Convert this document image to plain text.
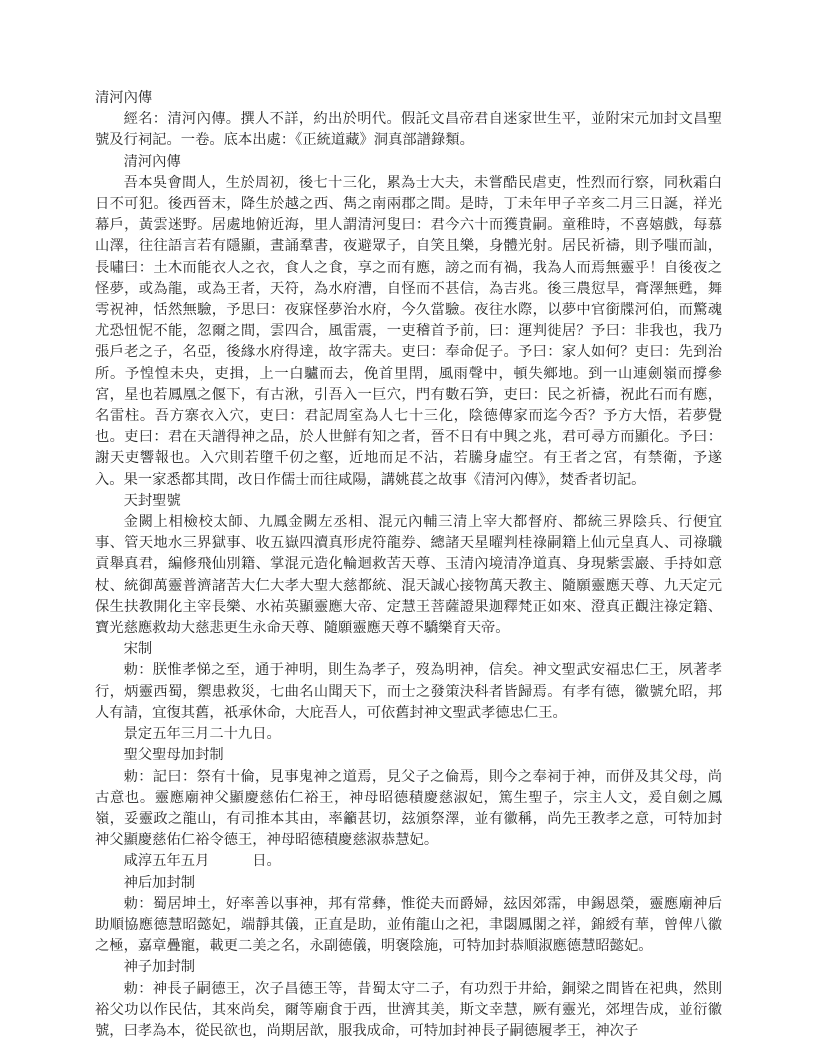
清河內傳

經名：清河內傳。撰人不詳，約出於明代。假託文昌帝君自迷家世生平，並附宋元加封文昌聖號及行祠記。一卷。底本出處：《正統道藏》洞真部譜錄類。

清河內傳

吾本吳會間人，生於周初，後七十三化，累為士大夫，未嘗酷民虐吏，性烈而行察，同秋霜白日不可犯。後西晉末，降生於越之西、雋之南兩郡之間。是時，丁未年甲子辛亥二月三日誕，祥光幕戶，黃雲迷野。居處地俯近海，里人謂清河叟曰：君今六十而獲貴嗣。童稚時，不喜嬉戲，每慕山澤，往往語言若有隱顯，晝誦羣書，夜避眾子，自笑且樂，身體光射。居民祈禱，則予嗤而訕，長嘯曰：土木而能衣人之衣，食人之食，享之而有應，謗之而有禍，我為人而焉無靈乎！自後夜之怪夢，或為龍，或為王者，天符，為水府漕，自怪而不甚信，為吉兆。後三農愆旱，膏澤無甦，舞雩祝神，恬然無驗，予思曰：夜寐怪夢治水府，今久當驗。夜往水際，以夢中官銜牒河伯，而驚魂尤恐忸怩不能，忽爾之間，雲四合，風雷震，一吏稽首予前，曰：運判徙居？予曰：非我也，我乃張戶老之子，名亞，後緣水府得達，故字霈夫。吏曰：奉命促子。予曰：家人如何？吏曰：先到治所。予惶惶未央，吏揖，上一白驢而去，俛首里閈，風雨聲中，頓失鄉地。到一山連劍嶺而撐參宮，星也若鳳凰之偃下，有古湫，引吾入一巨穴，門有數石笋，吏曰：民之祈禱，祝此石而有應，名雷柱。吾方寨衣入穴，吏曰：君記周室為人七十三化，陰德傳家而迄今否？予方大悟，若夢覺也。吏曰：君在天譜得神之品，於人世鮮有知之者，晉不日有中興之兆，君可尋方而顯化。予曰：謝天吏響報也。入穴則若墮千仞之壑，近地而足不沾，若騰身虛空。有王者之宮，有禁衛，予遂入。果一家悉都其間，改日作儒士而往咸陽，講姚萇之故事《清河內傳》，焚香者切記。

天封聖號

金闕上相檢校太師、九鳳金闕左丞相、混元內輔三清上宰大都督府、都統三界陰兵、行便宜事、管天地水三界獄事、收五嶽四瀆真形虎符龍券、總諸天星曜判桂祿嗣籍上仙元皇真人、司祿職貢舉真君，編修飛仙別籍、掌混元造化輪迴救苦天尊、玉清內境清净道真、身現紫雲巖、手持如意杖、統御萬靈普濟諸苦大仁大孝大聖大慈都統、混天誠心接物萬天教主、隨願靈應天尊、九天定元保生扶教開化主宰長樂、水祐英顯靈應大帝、定慧王菩薩證果迦釋梵正如來、澄真正觀注祿定籍、寶光慈應救劫大慈悲更生永命天尊、隨願靈應天尊不驕樂育天帝。

宋制

勅：朕惟孝悌之至，通于神明，則生為孝子，歿為明神，信矣。神文聖武安福忠仁王，夙著孝行，炳靈西蜀，禦患救災，七曲名山聞天下，而士之發策決科者皆歸焉。有孝有德，徽號允昭，邦人有請，宜復其舊，祇承休命，大庇吾人，可依舊封神文聖武孝德忠仁王。

景定五年三月二十九日。

聖父聖母加封制

勅：記曰：祭有十倫，見事鬼神之道焉，見父子之倫焉，則今之奉祠于神，而併及其父母，尚古意也。靈應廟神父顯慶慈佑仁裕王，神母昭德積慶慈淑妃，篤生聖子，宗主人文，爰自劍之鳳嶺，妥靈政之龍山，有司推本其由，率籲甚切，玆頒祭澤，並有徽稱，尚先王教孝之意，可特加封神父顯慶慈佑仁裕令德王，神母昭德積慶慈淑恭慧妃。

咸淳五年五月　　　日。

神后加封制

勅：蜀居坤土，好率善以事神，邦有常彝，惟從夫而爵婦，玆因郊霈，申錫恩榮，靈應廟神后助順協應德慧昭懿妃，端靜其儀，正直是助，並侑龍山之祀，聿閟鳳閣之祥，錦綬有華，曾俾八徽之極，嘉章疊寵，載更二美之名，永副德儀，明褒陰施，可特加封恭順淑應德慧昭懿妃。

神子加封制

勅：神長子嗣德王，次子昌德王等，昔蜀太守二子，有功烈于井給，銅梁之間皆在祀典，然則裕父功以作民估，其來尚矣，爾等廟食于西，世濟其美，斯文幸慧，厥有靈光，郊埋告成，並衍徽號，曰孝為本，從民欲也，尚期居歆，服我成命，可特加封神長子嗣德履孝王，神次子
